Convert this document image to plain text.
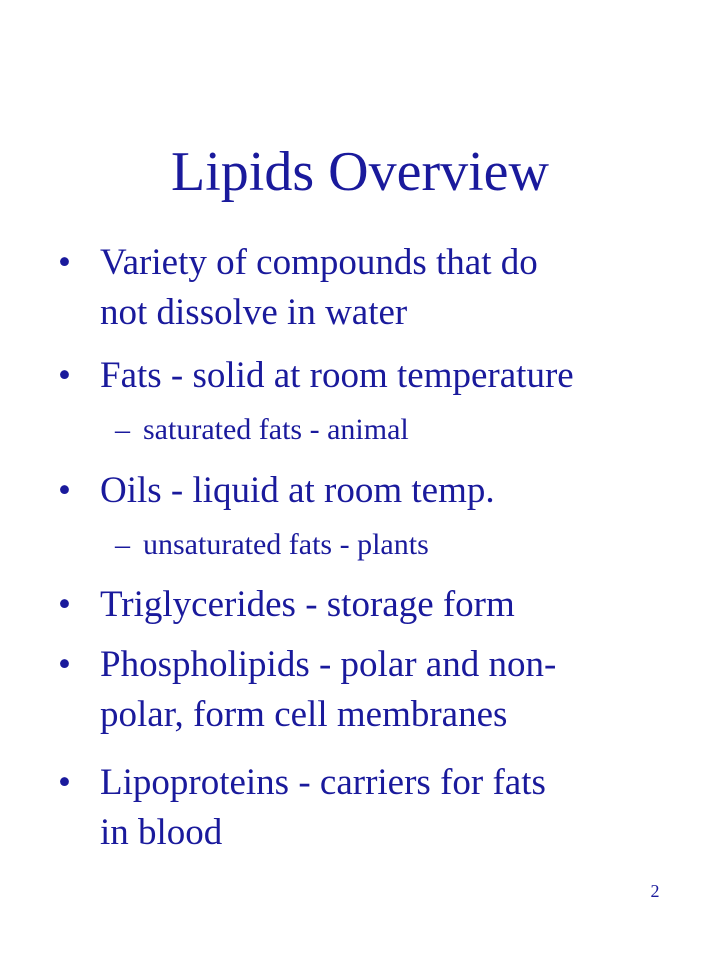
Lipids Overview
• Variety of compounds that do
not dissolve in water
• Fats - solid at room temperature
– saturated fats - animal
• Oils - liquid at room temp.
– unsaturated fats - plants
• Triglycerides - storage form
• Phospholipids - polar and non-
polar, form cell membranes
• Lipoproteins - carriers for fats
in blood
2
